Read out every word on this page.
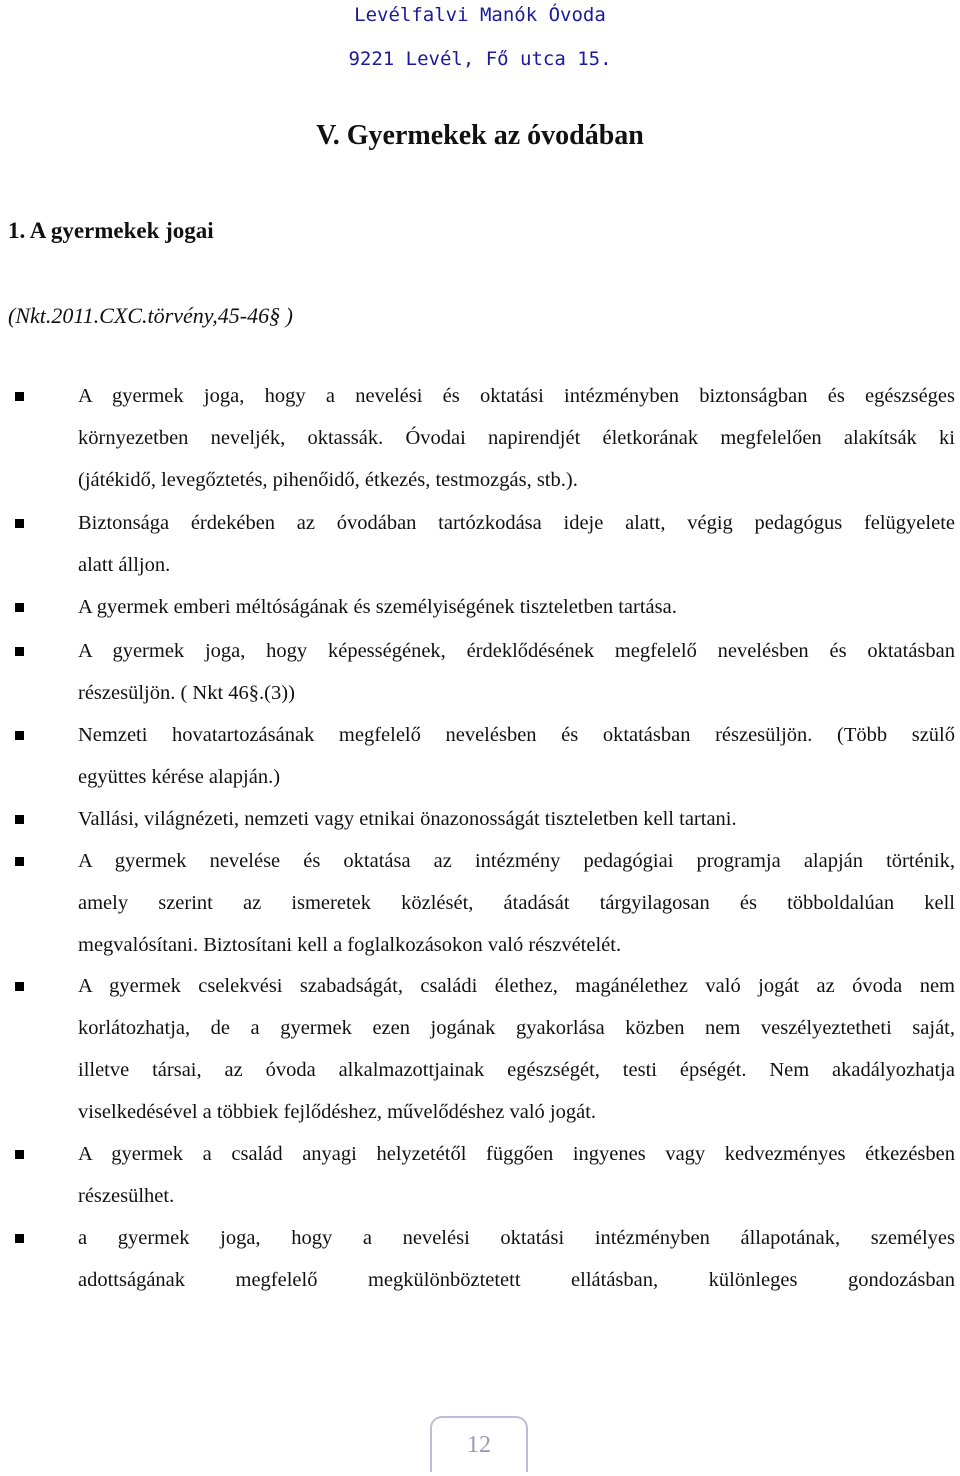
Levélfalvi Manók Óvoda
9221 Levél, Fő utca 15.
V. Gyermekek az óvodában
1. A gyermekek jogai
(Nkt.2011.CXC.törvény,45-46§ )
A gyermek joga, hogy a nevelési és oktatási intézményben biztonságban és egészséges
környezetben neveljék, oktassák. Óvodai napirendjét életkorának megfelelően alakítsák ki
(játékidő, levegőztetés, pihenőidő, étkezés, testmozgás, stb.).
Biztonsága érdekében az óvodában tartózkodása ideje alatt, végig pedagógus felügyelete
alatt álljon.
A gyermek emberi méltóságának és személyiségének tiszteletben tartása.
A gyermek joga, hogy képességének, érdeklődésének megfelelő nevelésben és oktatásban
részesüljön. ( Nkt 46§.(3))
Nemzeti hovatartozásának megfelelő nevelésben és oktatásban részesüljön. (Több szülő
együttes kérése alapján.)
Vallási, világnézeti, nemzeti vagy etnikai önazonosságát tiszteletben kell tartani.
A gyermek nevelése és oktatása az intézmény pedagógiai programja alapján történik,
amely szerint az ismeretek közlését, átadását tárgyilagosan és többoldalúan kell
megvalósítani. Biztosítani kell a foglalkozásokon való részvételét.
A gyermek cselekvési szabadságát, családi élethez, magánélethez való jogát az óvoda nem
korlátozhatja, de a gyermek ezen jogának gyakorlása közben nem veszélyeztetheti saját,
illetve társai, az óvoda alkalmazottjainak egészségét, testi épségét. Nem akadályozhatja
viselkedésével a többiek fejlődéshez, művelődéshez való jogát.
A gyermek a család anyagi helyzetétől függően ingyenes vagy kedvezményes étkezésben
részesülhet.
a gyermek joga, hogy a nevelési oktatási intézményben állapotának, személyes
adottságának megfelelő megkülönböztetett ellátásban, különleges gondozásban
12
